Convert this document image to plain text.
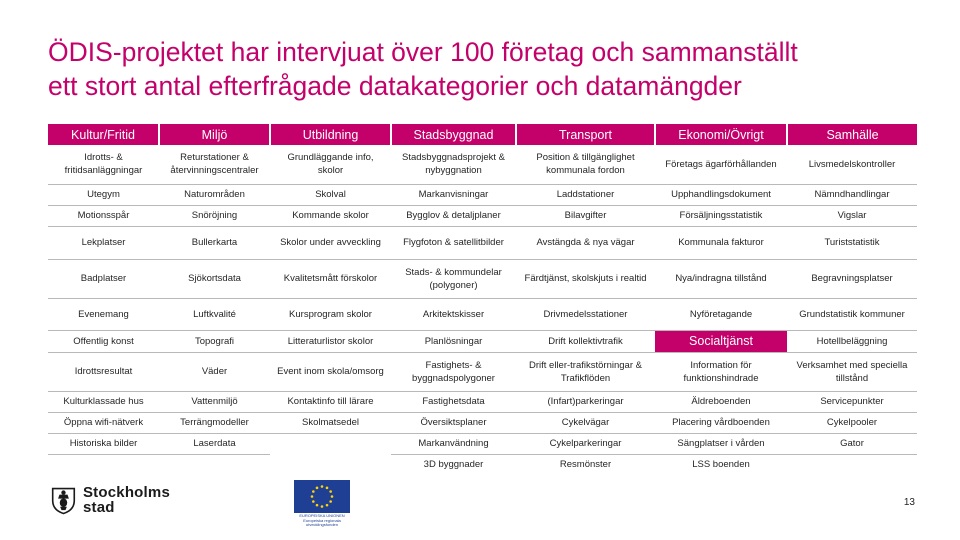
ÖDIS-projektet har intervjuat över 100 företag och sammanställt
ett stort antal efterfrågade datakategorier och datamängder
Kultur/Fritid	Miljö	Utbildning	Stadsbyggnad	Transport	Ekonomi/Övrigt	Samhälle
Idrotts- & fritidsanläggningar	Returstationer & återvinningscentraler	Grundläggande info, skolor	Stadsbyggnadsprojekt & nybyggnation	Position & tillgänglighet kommunala fordon	Företags ägarförhållanden	Livsmedelskontroller
Utegym	Naturområden	Skolval	Markanvisningar	Laddstationer	Upphandlingsdokument	Nämndhandlingar
Motionsspår	Snöröjning	Kommande skolor	Bygglov & detaljplaner	Bilavgifter	Försäljningsstatistik	Vigslar
Lekplatser	Bullerkarta	Skolor under avveckling	Flygfoton & satellitbilder	Avstängda & nya vägar	Kommunala fakturor	Turiststatistik
Badplatser	Sjökortsdata	Kvalitetsmått förskolor	Stads- & kommundelar (polygoner)	Färdtjänst, skolskjuts i realtid	Nya/indragna tillstånd	Begravningsplatser
Evenemang	Luftkvalité	Kursprogram skolor	Arkitektskisser	Drivmedelsstationer	Nyföretagande	Grundstatistik kommuner
Offentlig konst	Topografi	Litteraturlistor skolor	Planlösningar	Drift kollektivtrafik	Socialtjänst	Hotellbeläggning
Idrottsresultat	Väder	Event inom skola/omsorg	Fastighets- & byggnadspolygoner	Drift eller-trafikstörningar & Trafikflöden	Information för funktionshindrade	Verksamhet med speciella tillstånd
Kulturklassade hus	Vattenmiljö	Kontaktinfo till lärare	Fastighetsdata	(Infart)parkeringar	Äldreboenden	Servicepunkter
Öppna wifi-nätverk	Terrängmodeller	Skolmatsedel	Översiktsplaner	Cykelvägar	Placering vårdboenden	Cykelpooler
Historiska bilder	Laserdata		Markanvändning	Cykelparkeringar	Sängplatser i vården	Gator
			3D byggnader	Resmönster	LSS boenden	
Stockholms
stad	EUROPEISKA UNIONEN
Europeiska regionala
utvecklingsfonden
13
